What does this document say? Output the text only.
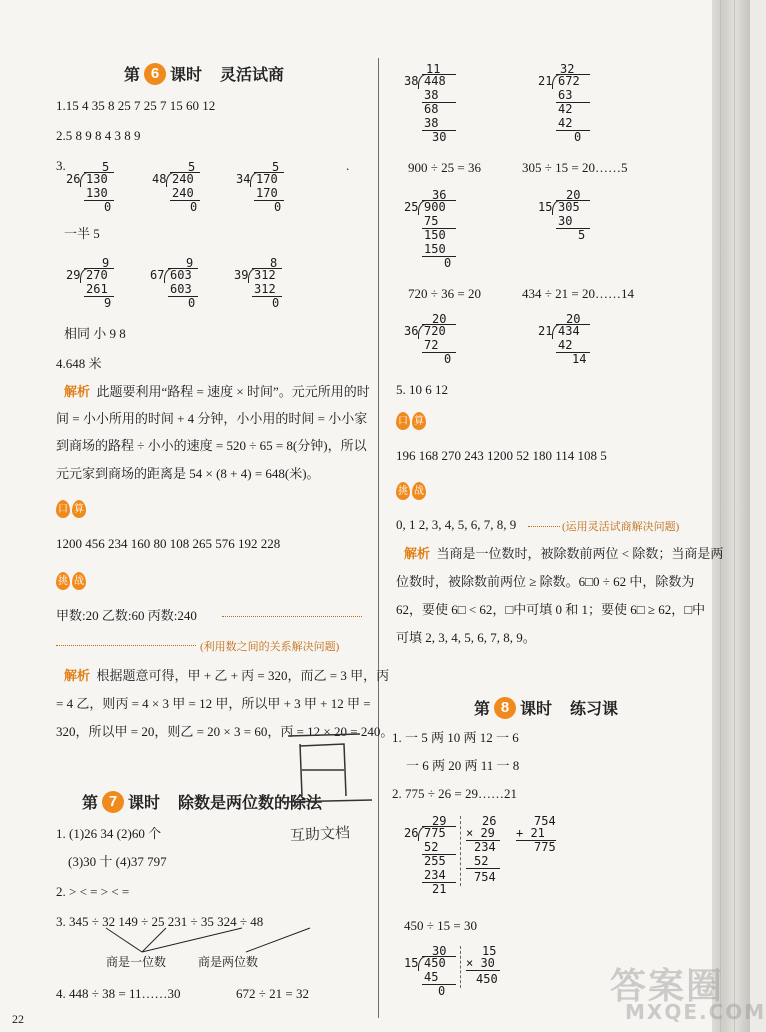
第 6 课时 灵活试商
1.15 4 35 8 25 7 25 7 15 60 12
2.5 8 9 8 4 3 8 9
3.	.
5
26 130
130
0
5
48 240
240
0
5
34 170
170
0
一半 5
9
29 270
261
9
9
67 603
603
0
8
39 312
312
0
相同 小 9 8
4.648 米
解析 此题要利用“路程 = 速度 × 时间”。元元所用的时
间 = 小小所用的时间 + 4 分钟，小小用的时间 = 小小家
到商场的路程 ÷ 小小的速度 = 520 ÷ 65 = 8(分钟)，所以
元元家到商场的距离是 54 × (8 + 4) = 648(米)。
口 算
1200 456 234 160 80 108 265 576 192 228
挑 战
甲数:20 乙数:60 丙数:240
(利用数之间的关系解决问题)
解析 根据题意可得，甲 + 乙 + 丙 = 320，而乙 = 3 甲，丙
= 4 乙，则丙 = 4 × 3 甲 = 12 甲，所以甲 + 3 甲 + 12 甲 =
320，所以甲 = 20，则乙 = 20 × 3 = 60，丙 = 12 × 20 = 240。
第 7 课时 除数是两位数的除法
1. (1)26 34 (2)60 个
(3)30 十 (4)37 797
2. > < = > < =
3. 345 ÷ 32 149 ÷ 25 231 ÷ 35 324 ÷ 48
商是一位数	商是两位数
4. 448 ÷ 38 = 11……30	672 ÷ 21 = 32
22
11
38 448
38
68
38
30
32
21 672
63
42
42
0
900 ÷ 25 = 36	305 ÷ 15 = 20……5
36
25 900
75
150
150
0
20
15 305
30
5
720 ÷ 36 = 20	434 ÷ 21 = 20……14
20
36 720
72
0
20
21 434
42
14
5. 10 6 12
口 算
196 168 270 243 1200 52 180 114 108 5
挑 战
0, 1 2, 3, 4, 5, 6, 7, 8, 9	(运用灵活试商解决问题)
解析 当商是一位数时，被除数前两位 < 除数；当商是两
位数时，被除数前两位 ≥ 除数。6□0 ÷ 62 中，除数为
62，要使 6□ < 62，□中可填 0 和 1；要使 6□ ≥ 62，□中
可填 2, 3, 4, 5, 6, 7, 8, 9。
第 8 课时 练习课
1. 一 5 两 10 两 12 一 6
一 6 两 20 两 11 一 8
2. 775 ÷ 26 = 29……21
29
26 775
52
255
234
21
26
× 29
234
52
754
754
+ 21
775
450 ÷ 15 = 30
30
15 450
45
0
15
× 30
450
互助文档
答案圈
MXQE.COM
